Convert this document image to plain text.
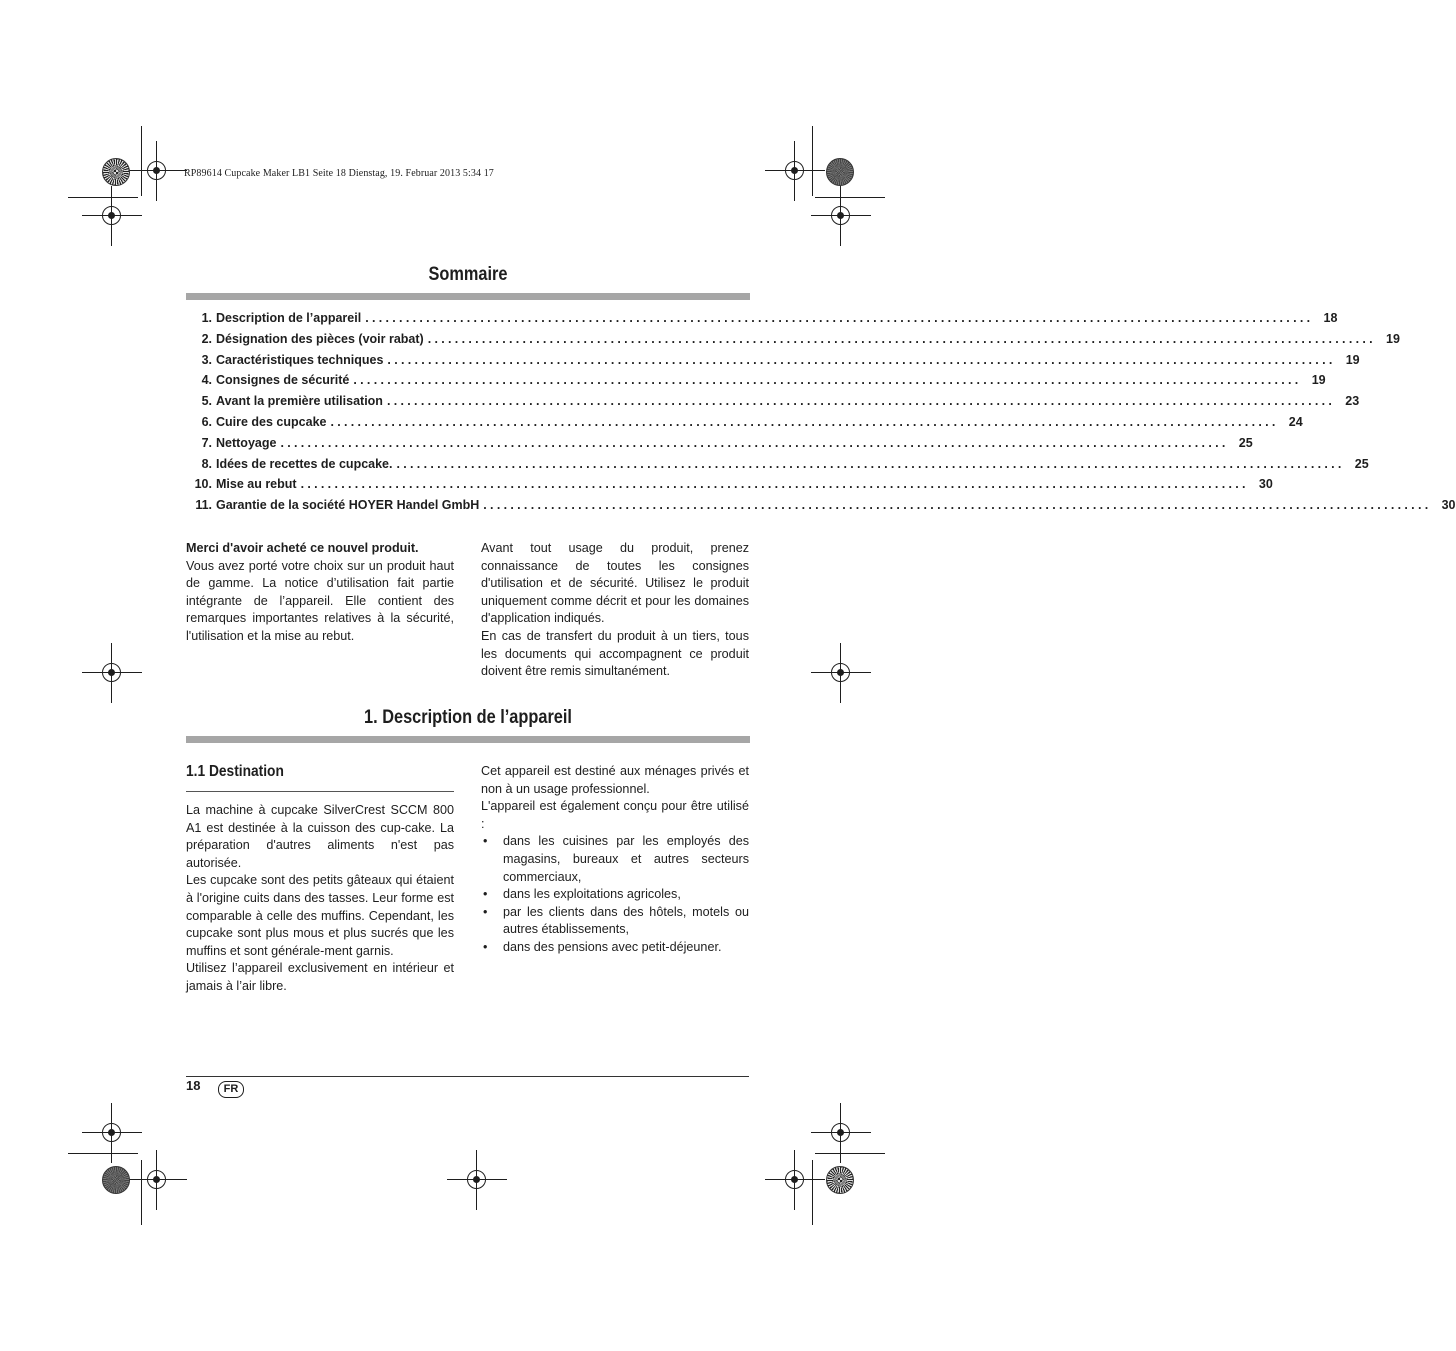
RP89614 Cupcake Maker LB1 Seite 18 Dienstag, 19. Februar 2013 5:34 17
Sommaire
1. Description de l’appareil ............................................................................................................................................ 18
2. Désignation des pièces (voir rabat) ............................................................................................................................................ 19
3. Caractéristiques techniques ............................................................................................................................................ 19
4. Consignes de sécurité ............................................................................................................................................ 19
5. Avant la première utilisation ............................................................................................................................................ 23
6. Cuire des cupcake ............................................................................................................................................ 24
7. Nettoyage ............................................................................................................................................ 25
8. Idées de recettes de cupcake. ............................................................................................................................................ 25
10. Mise au rebut ............................................................................................................................................ 30
11. Garantie de la société HOYER Handel GmbH ............................................................................................................................................ 30

Merci d'avoir acheté ce nouvel produit.

Vous avez porté votre choix sur un produit haut de gamme. La notice d’utilisation fait partie intégrante de l’appareil. Elle contient des remarques importantes relatives à la sécurité, l'utilisation et la mise au rebut.

Avant tout usage du produit, prenez connaissance de toutes les consignes d'utilisation et de sécurité. Utilisez le produit uniquement comme décrit et pour les domaines d'application indiqués.

En cas de transfert du produit à un tiers, tous les documents qui accompagnent ce produit doivent être remis simultanément.

1. Description de l’appareil
1.1 Destination

La machine à cupcake SilverCrest SCCM 800 A1 est destinée à la cuisson des cup-cake. La préparation d'autres aliments n'est pas autorisée.

Les cupcake sont des petits gâteaux qui étaient à l'origine cuits dans des tasses. Leur forme est comparable à celle des muffins. Cependant, les cupcake sont plus mous et plus sucrés que les muffins et sont générale-ment garnis.

Utilisez l’appareil exclusivement en intérieur et jamais à l’air libre.

Cet appareil est destiné aux ménages privés et non à un usage professionnel.

L'appareil est également conçu pour être utilisé :

• dans les cuisines par les employés des magasins, bureaux et autres secteurs commerciaux,
• dans les exploitations agricoles,
• par les clients dans des hôtels, motels ou autres établissements,
• dans des pensions avec petit-déjeuner.
18	FR
